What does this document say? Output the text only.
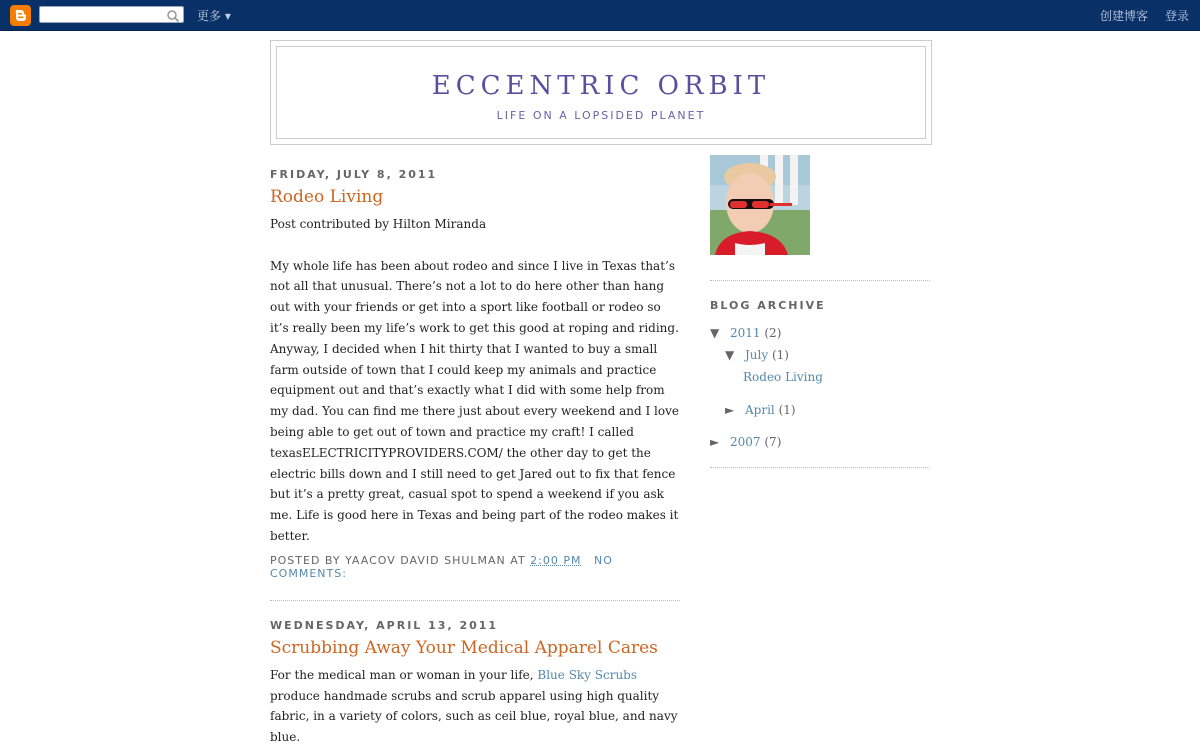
更多 ▾	创建博客 登录
ECCENTRIC ORBIT
LIFE ON A LOPSIDED PLANET
FRIDAY, JULY 8, 2011
Rodeo Living

Post contributed by Hilton Miranda

My whole life has been about rodeo and since I live in Texas that’s not all that unusual. There’s not a lot to do here other than hang out with your friends or get into a sport like football or rodeo so it’s really been my life’s work to get this good at roping and riding. Anyway, I decided when I hit thirty that I wanted to buy a small farm outside of town that I could keep my animals and practice equipment out and that’s exactly what I did with some help from my dad. You can find me there just about every weekend and I love being able to get out of town and practice my craft! I called texasELECTRICITYPROVIDERS.COM/ the other day to get the electric bills down and I still need to get Jared out to fix that fence but it’s a pretty great, casual spot to spend a weekend if you ask me. Life is good here in Texas and being part of the rodeo makes it better.

POSTED BY YAACOV DAVID SHULMAN AT 2:00 PM NO COMMENTS:
WEDNESDAY, APRIL 13, 2011
Scrubbing Away Your Medical Apparel Cares

For the medical man or woman in your life, Blue Sky Scrubs produce handmade scrubs and scrub apparel using high quality fabric, in a variety of colors, such as ceil blue, royal blue, and navy blue.

BLOG ARCHIVE
▼ 2011 (2)
▼ July (1)
Rodeo Living
► April (1)
► 2007 (7)
